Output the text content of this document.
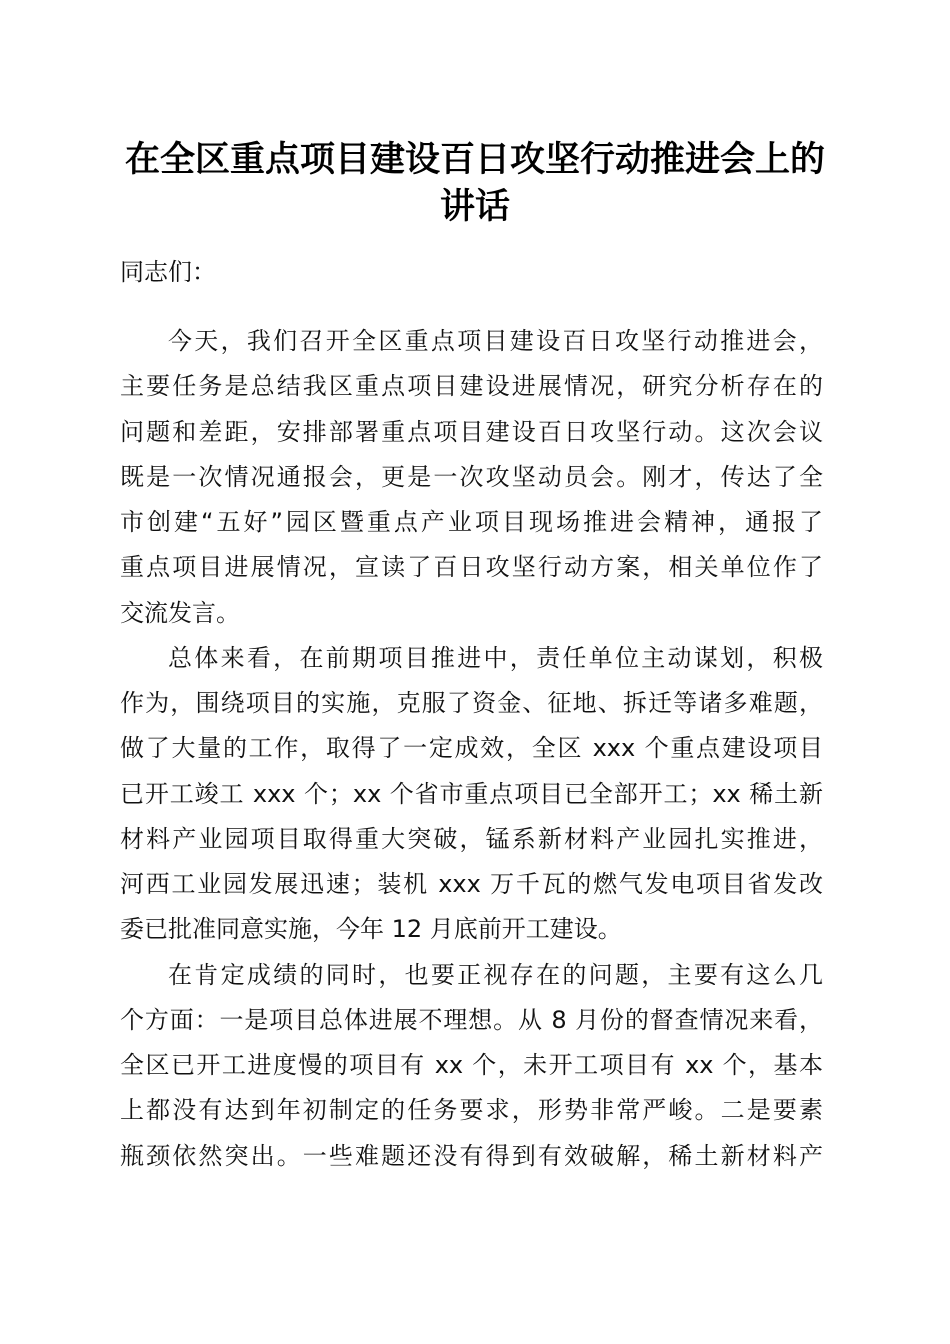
在全区重点项目建设百日攻坚行动推进会上的
讲话
同志们：
今天，我们召开全区重点项目建设百日攻坚行动推进会，
主要任务是总结我区重点项目建设进展情况，研究分析存在的
问题和差距，安排部署重点项目建设百日攻坚行动。这次会议
既是一次情况通报会，更是一次攻坚动员会。刚才，传达了全
市创建“五好”园区暨重点产业项目现场推进会精神，通报了
重点项目进展情况，宣读了百日攻坚行动方案，相关单位作了
交流发言。
总体来看，在前期项目推进中，责任单位主动谋划，积极
作为，围绕项目的实施，克服了资金、征地、拆迁等诸多难题，
做了大量的工作，取得了一定成效，全区 xxx 个重点建设项目
已开工竣工 xxx 个；xx 个省市重点项目已全部开工；xx 稀土新
材料产业园项目取得重大突破，锰系新材料产业园扎实推进，
河西工业园发展迅速；装机 xxx 万千瓦的燃气发电项目省发改
委已批准同意实施，今年 12 月底前开工建设。
在肯定成绩的同时，也要正视存在的问题，主要有这么几
个方面：一是项目总体进展不理想。从 8 月份的督查情况来看，
全区已开工进度慢的项目有 xx 个，未开工项目有 xx 个，基本
上都没有达到年初制定的任务要求，形势非常严峻。二是要素
瓶颈依然突出。一些难题还没有得到有效破解，稀土新材料产
